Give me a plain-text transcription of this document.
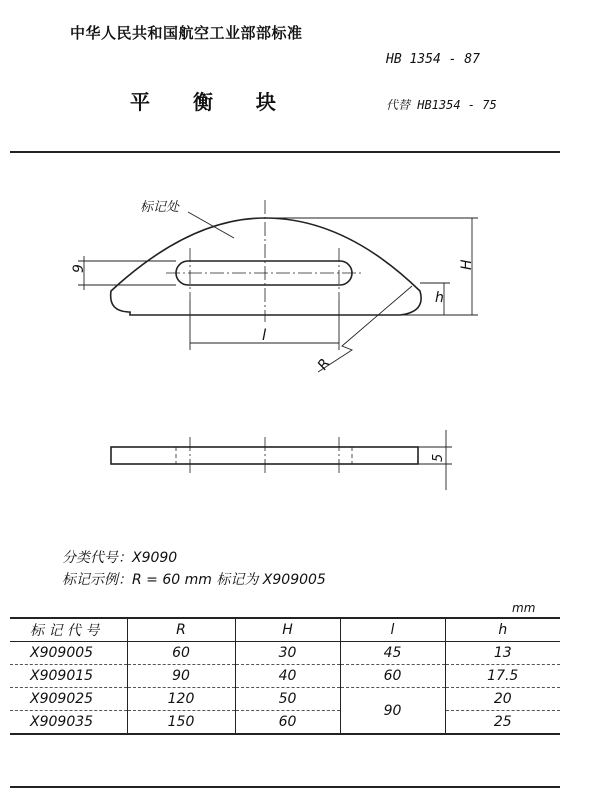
中华人民共和国航空工业部部标准
HB 1354 - 87
平 衡 块	代替 HB1354 - 75
标记处
9	H
h
l
R
5
分类代号：X9090
标记示例：R = 60 mm 标记为 X909005
mm
标 记 代 号	R	H	l	h
X909005	60	30	45	13
X909015	90	40	60	17.5
X909025	120	50	90	20
X909035	150	60		25
